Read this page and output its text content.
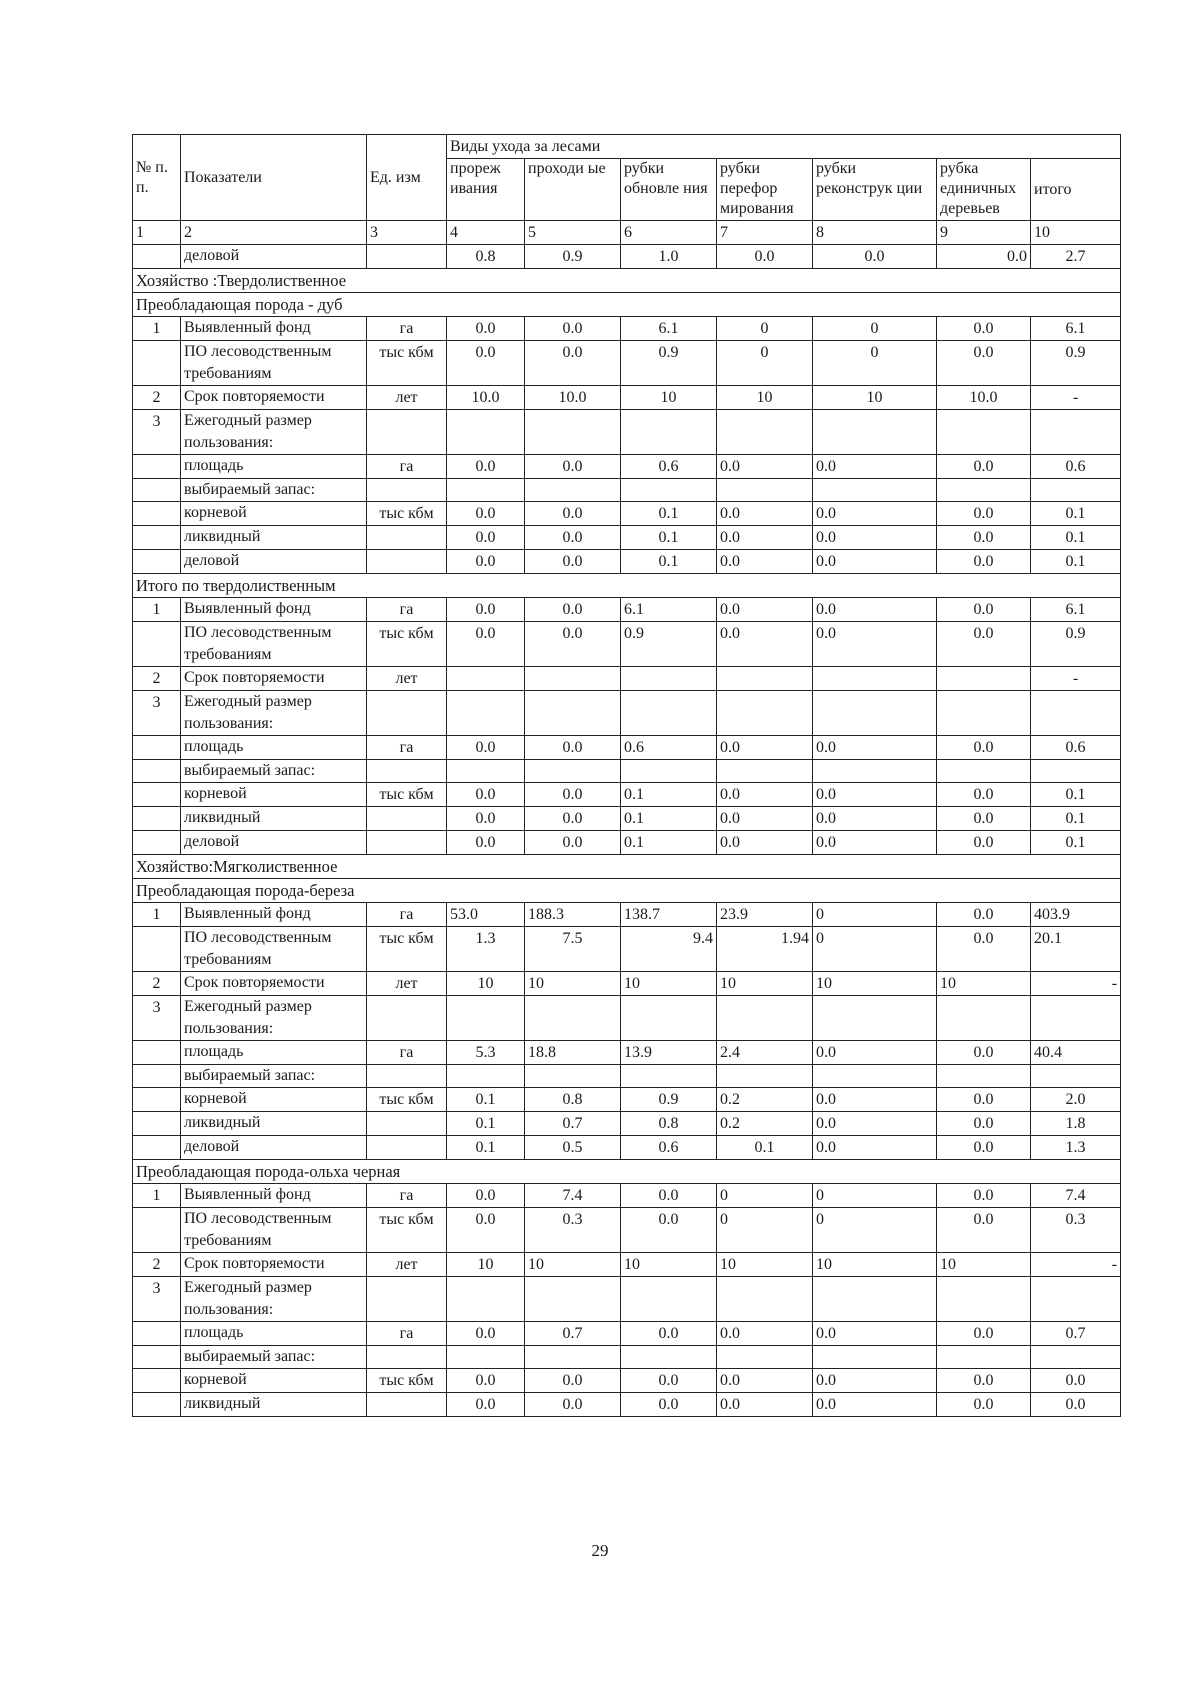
№ п. п.	Показатели	Ед. изм	Виды ухода за лесами						
			прореж ивания	проходи ые	рубки обновле ния	рубки перефор мирования	рубки реконструк ции	рубка единичных деревьев	итого
1	2	3	4	5	6	7	8	9	10
	деловой		0.8	0.9	1.0	0.0	0.0	0.0	2.7
Хозяйство :Твердолиственное									
Преобладающая порода - дуб									
1	Выявленный фонд	га	0.0	0.0	6.1	0	0	0.0	6.1
	ПО лесоводственным требованиям	тыс кбм	0.0	0.0	0.9	0	0	0.0	0.9
2	Срок повторяемости	лет	10.0	10.0	10	10	10	10.0	-
3	Ежегодный размер пользования:								
	площадь	га	0.0	0.0	0.6	0.0	0.0	0.0	0.6
	выбираемый запас:								
	корневой	тыс кбм	0.0	0.0	0.1	0.0	0.0	0.0	0.1
	ликвидный		0.0	0.0	0.1	0.0	0.0	0.0	0.1
	деловой		0.0	0.0	0.1	0.0	0.0	0.0	0.1
Итого по твердолиственным									
1	Выявленный фонд	га	0.0	0.0	6.1	0.0	0.0	0.0	6.1
	ПО лесоводственным требованиям	тыс кбм	0.0	0.0	0.9	0.0	0.0	0.0	0.9
2	Срок повторяемости	лет							-
3	Ежегодный размер пользования:								
	площадь	га	0.0	0.0	0.6	0.0	0.0	0.0	0.6
	выбираемый запас:								
	корневой	тыс кбм	0.0	0.0	0.1	0.0	0.0	0.0	0.1
	ликвидный		0.0	0.0	0.1	0.0	0.0	0.0	0.1
	деловой		0.0	0.0	0.1	0.0	0.0	0.0	0.1
Хозяйство:Мягколиственное									
Преобладающая порода-береза									
1	Выявленный фонд	га	53.0	188.3	138.7	23.9	0	0.0	403.9
	ПО лесоводственным требованиям	тыс кбм	1.3	7.5	9.4	1.94	0	0.0	20.1
2	Срок повторяемости	лет	10	10	10	10	10	10	-
3	Ежегодный размер пользования:								
	площадь	га	5.3	18.8	13.9	2.4	0.0	0.0	40.4
	выбираемый запас:								
	корневой	тыс кбм	0.1	0.8	0.9	0.2	0.0	0.0	2.0
	ликвидный		0.1	0.7	0.8	0.2	0.0	0.0	1.8
	деловой		0.1	0.5	0.6	0.1	0.0	0.0	1.3
Преобладающая порода-ольха черная									
1	Выявленный фонд	га	0.0	7.4	0.0	0	0	0.0	7.4
	ПО лесоводственным требованиям	тыс кбм	0.0	0.3	0.0	0	0	0.0	0.3
2	Срок повторяемости	лет	10	10	10	10	10	10	-
3	Ежегодный размер пользования:								
	площадь	га	0.0	0.7	0.0	0.0	0.0	0.0	0.7
	выбираемый запас:								
	корневой	тыс кбм	0.0	0.0	0.0	0.0	0.0	0.0	0.0
	ликвидный		0.0	0.0	0.0	0.0	0.0	0.0	0.0
29
